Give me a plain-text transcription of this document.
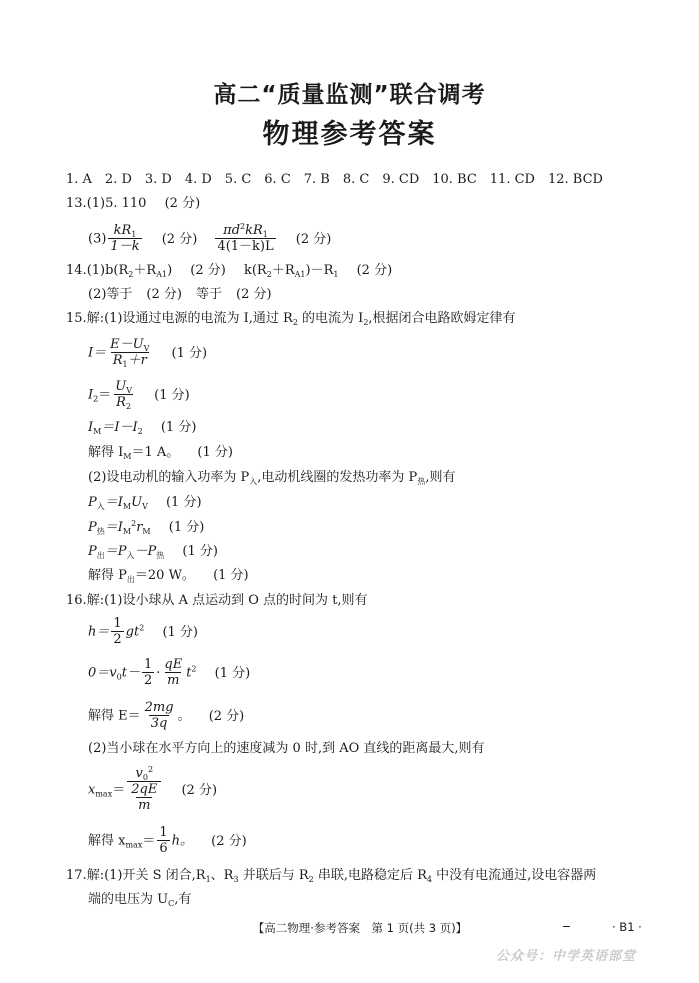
高二“质量监测”联合调考
物理参考答案
1. A　2. D　3. D　4. D　5. C　6. C　7. B　8. C　9. CD　10. BC　11. CD　12. BCD
13.(1)5. 110 (2 分)
$(3) \frac{kR_1}{1-k} (2$ 分) $\frac{\pi d^2kR_1}{4(1-k)L} (2$ 分)
$14.(1)b(R_2+R_{A1})$ (2 分) $k(R_2+R_{A1})-R_1$ (2 分)
(2)等于 (2 分) 等于 (2 分)
15.解:(1)设通过电源的电流为 I,通过 $R_2$ 的电流为 $I_2$,根据闭合电路欧姆定律有
$I= \frac{E-U_V}{R_1+r} (1$ 分)
$I_2= \frac{U_V}{R_2} (1$ 分)
$I_M=I-I_2$ (1 分)
解得 $I_M=1$ A。 (1 分)
(2)设电动机的输入功率为 $P_入$,电动机线圈的发热功率为 $P_热$,则有
$P_入=I_MU_V$ (1 分)
$P_热=I_M^2r_M$ (1 分)
$P_出=P_入-P_热$ (1 分)
解得 $P_出=20$ W。 (1 分)
16.解:(1)设小球从 A 点运动到 O 点的时间为 t,则有
$h= \frac{1}{2} gt^2$ (1 分)
$0=v_0t- \frac{1}{2} \cdot \frac{qE}{m} t^2$ (1 分)
解得 $E= \frac{2mg}{3q}$ 。 (2 分)
(2)当小球在水平方向上的速度减为 0 时,到 AO 直线的距离最大,则有
$x_{max}= \frac{v_0^2}{\frac{2qE}{m}} (2$ 分)
解得 $x_{max}= \frac{1}{6}$ h。 (2 分)
17.解:(1)开关 S 闭合$,R_1$、$R_3$ 并联后与 $R_2$ 串联,电路稳定后 $R_4$ 中没有电流通过,设电容器两
端的电压为 $U_C$,有
【高二物理·参考答案　第 1 页(共 3 页)】	· B1 ·
公众号：中学英语部堂
